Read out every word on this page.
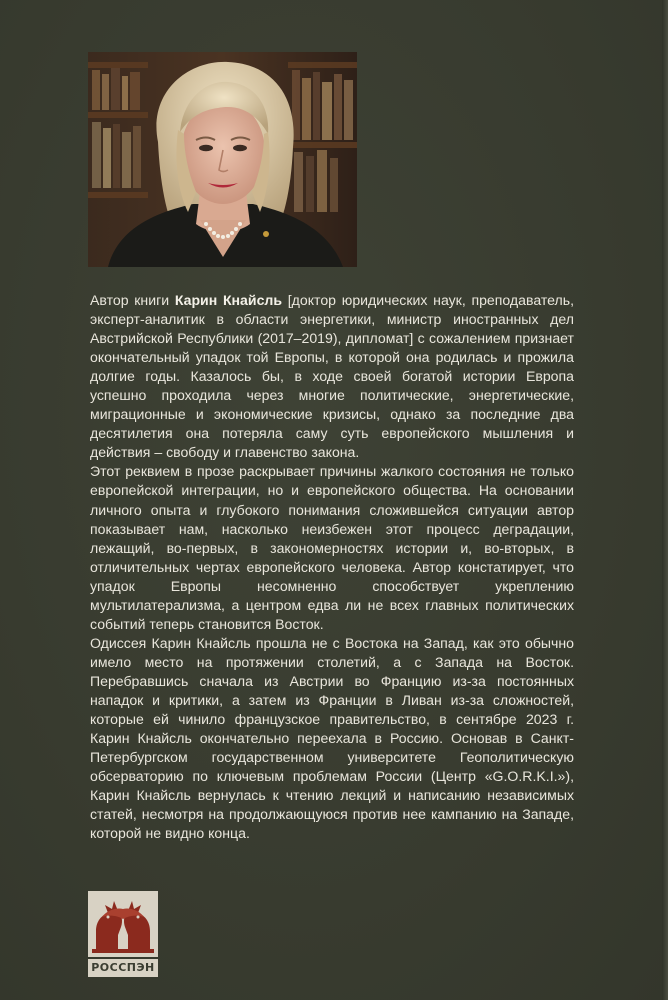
Автор книги Карин Кнайсль [доктор юридических наук, преподаватель, эксперт-аналитик в области энергетики, министр иностранных дел Австрийской Республики (2017–2019), дипломат] с сожалением признает окончательный упадок той Европы, в которой она родилась и прожила долгие годы. Казалось бы, в ходе своей богатой истории Европа успешно проходила через многие политические, энергетические, миграционные и экономические кризисы, однако за последние два десятилетия она потеряла саму суть европейского мышления и действия – свободу и главенство закона.

Этот реквием в прозе раскрывает причины жалкого состояния не только европейской интеграции, но и европейского общества. На основании личного опыта и глубокого понимания сложившейся ситуации автор показывает нам, насколько неизбежен этот процесс деградации, лежащий, во-первых, в закономерностях истории и, во-вторых, в отличительных чертах европейского человека. Автор констатирует, что упадок Европы несомненно способствует укреплению мультилатерализма, а центром едва ли не всех главных политических событий теперь становится Восток.

Одиссея Карин Кнайсль прошла не с Востока на Запад, как это обычно имело место на протяжении столетий, а с Запада на Восток. Перебравшись сначала из Австрии во Францию из-за постоянных нападок и критики, а затем из Франции в Ливан из-за сложностей, которые ей чинило французское правительство, в сентябре 2023 г. Карин Кнайсль окончательно переехала в Россию. Основав в Санкт-Петербургском государственном университете Геополитическую обсерваторию по ключевым проблемам России (Центр «G.O.R.K.I.»), Карин Кнайсль вернулась к чтению лекций и написанию независимых статей, несмотря на продолжающуюся против нее кампанию на Западе, которой не видно конца.

РОССПЭН
